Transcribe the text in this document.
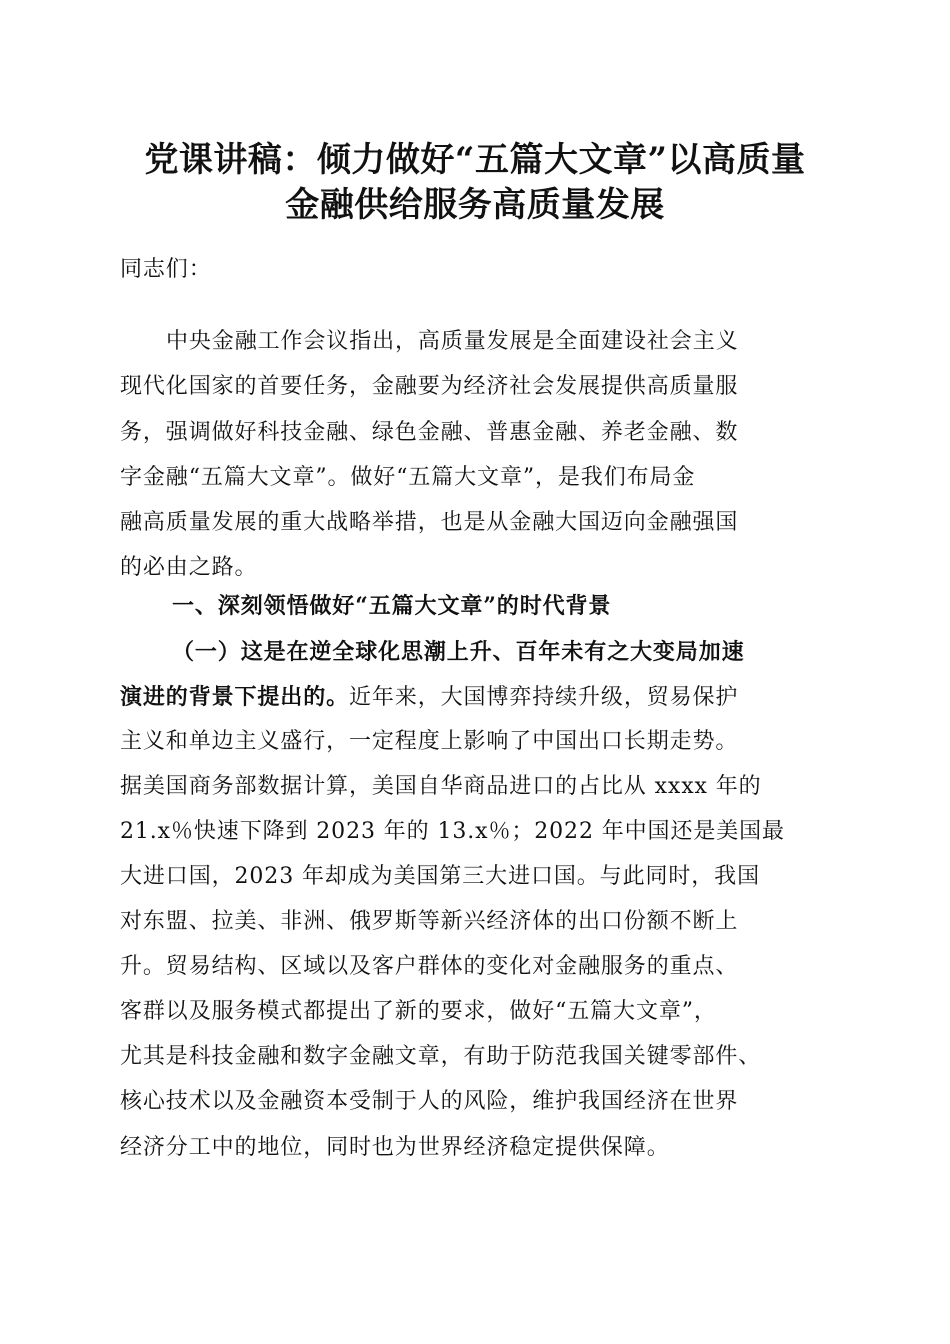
党课讲稿：倾力做好“五篇大文章”以高质量
金融供给服务高质量发展
同志们：
中央金融工作会议指出，高质量发展是全面建设社会主义
现代化国家的首要任务，金融要为经济社会发展提供高质量服
务，强调做好科技金融、绿色金融、普惠金融、养老金融、数
字金融“五篇大文章”。做好“五篇大文章”，是我们布局金
融高质量发展的重大战略举措，也是从金融大国迈向金融强国
的必由之路。
一、深刻领悟做好“五篇大文章”的时代背景
（一）这是在逆全球化思潮上升、百年未有之大变局加速
演进的背景下提出的。近年来，大国博弈持续升级，贸易保护
主义和单边主义盛行，一定程度上影响了中国出口长期走势。
据美国商务部数据计算，美国自华商品进口的占比从 xxxx 年的
21.x％快速下降到 2023 年的 13.x％；2022 年中国还是美国最
大进口国，2023 年却成为美国第三大进口国。与此同时，我国
对东盟、拉美、非洲、俄罗斯等新兴经济体的出口份额不断上
升。贸易结构、区域以及客户群体的变化对金融服务的重点、
客群以及服务模式都提出了新的要求，做好“五篇大文章”，
尤其是科技金融和数字金融文章，有助于防范我国关键零部件、
核心技术以及金融资本受制于人的风险，维护我国经济在世界
经济分工中的地位，同时也为世界经济稳定提供保障。
